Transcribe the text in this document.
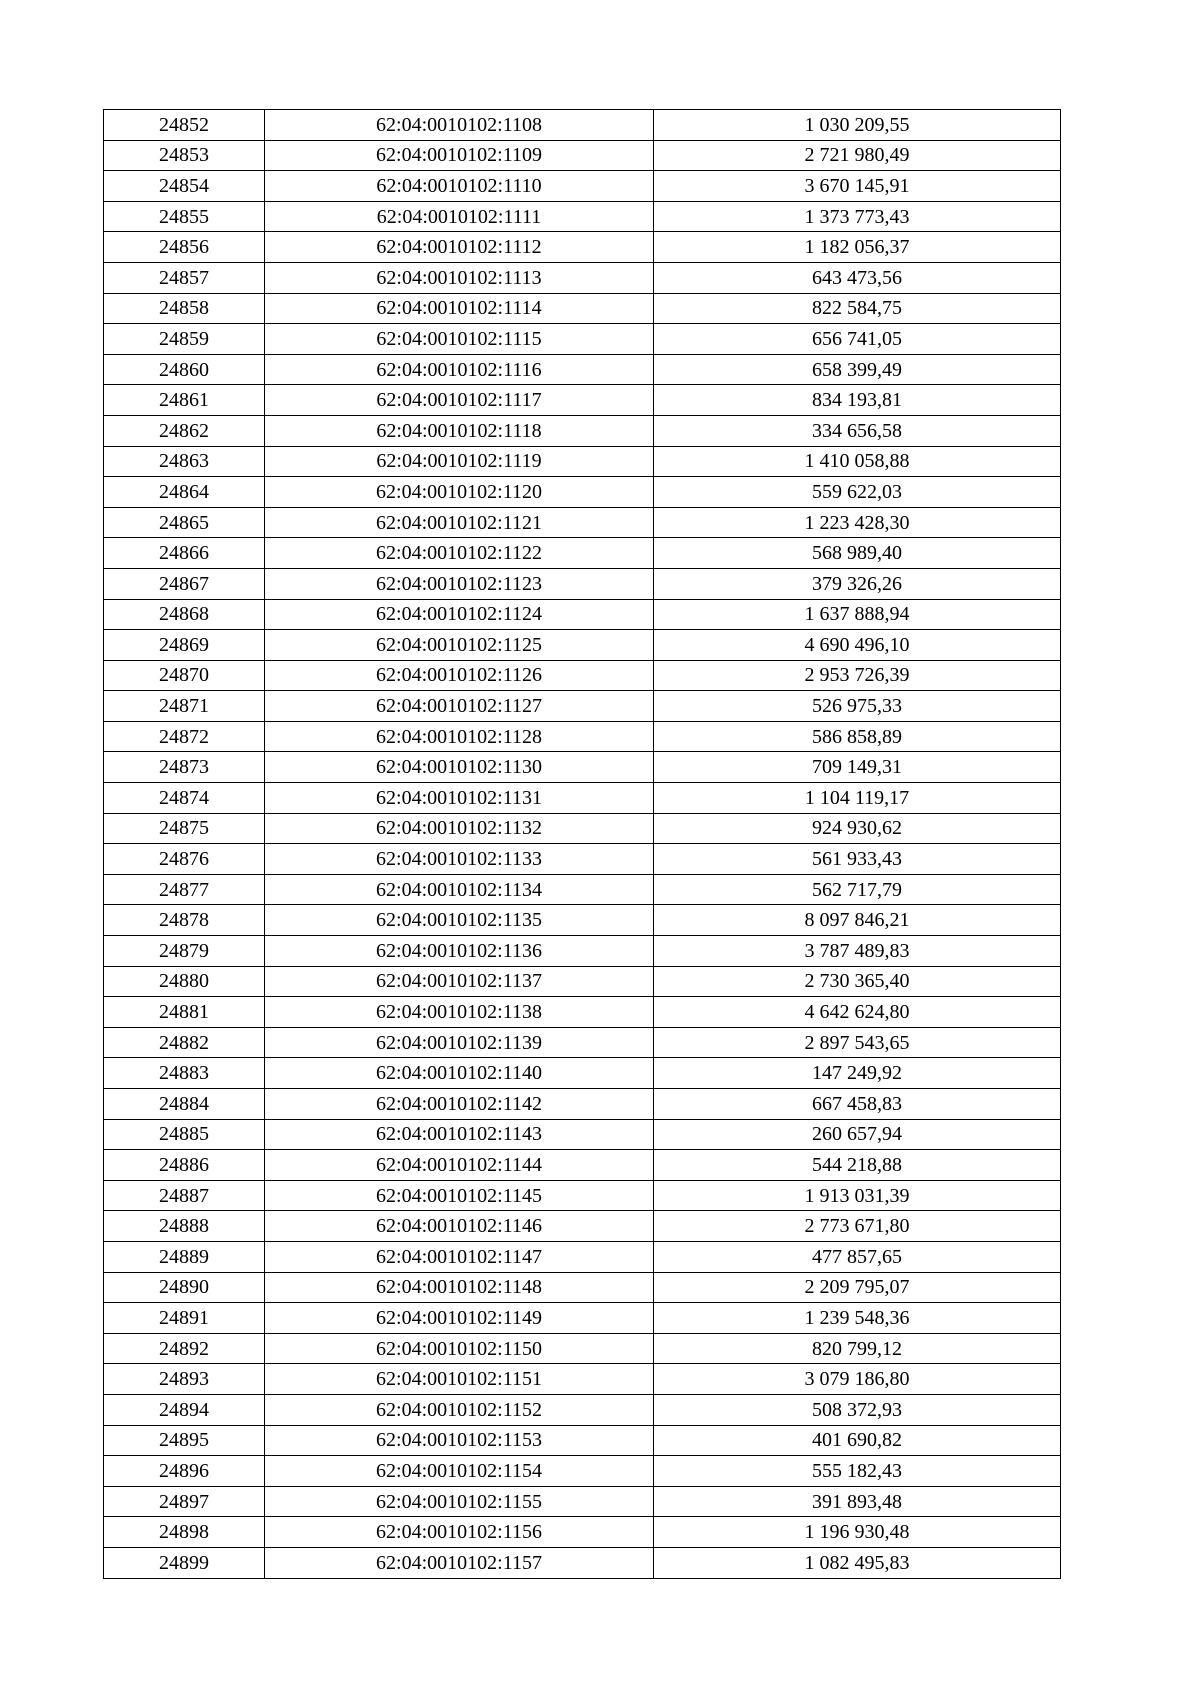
24852	62:04:0010102:1108	1 030 209,55
24853	62:04:0010102:1109	2 721 980,49
24854	62:04:0010102:1110	3 670 145,91
24855	62:04:0010102:1111	1 373 773,43
24856	62:04:0010102:1112	1 182 056,37
24857	62:04:0010102:1113	643 473,56
24858	62:04:0010102:1114	822 584,75
24859	62:04:0010102:1115	656 741,05
24860	62:04:0010102:1116	658 399,49
24861	62:04:0010102:1117	834 193,81
24862	62:04:0010102:1118	334 656,58
24863	62:04:0010102:1119	1 410 058,88
24864	62:04:0010102:1120	559 622,03
24865	62:04:0010102:1121	1 223 428,30
24866	62:04:0010102:1122	568 989,40
24867	62:04:0010102:1123	379 326,26
24868	62:04:0010102:1124	1 637 888,94
24869	62:04:0010102:1125	4 690 496,10
24870	62:04:0010102:1126	2 953 726,39
24871	62:04:0010102:1127	526 975,33
24872	62:04:0010102:1128	586 858,89
24873	62:04:0010102:1130	709 149,31
24874	62:04:0010102:1131	1 104 119,17
24875	62:04:0010102:1132	924 930,62
24876	62:04:0010102:1133	561 933,43
24877	62:04:0010102:1134	562 717,79
24878	62:04:0010102:1135	8 097 846,21
24879	62:04:0010102:1136	3 787 489,83
24880	62:04:0010102:1137	2 730 365,40
24881	62:04:0010102:1138	4 642 624,80
24882	62:04:0010102:1139	2 897 543,65
24883	62:04:0010102:1140	147 249,92
24884	62:04:0010102:1142	667 458,83
24885	62:04:0010102:1143	260 657,94
24886	62:04:0010102:1144	544 218,88
24887	62:04:0010102:1145	1 913 031,39
24888	62:04:0010102:1146	2 773 671,80
24889	62:04:0010102:1147	477 857,65
24890	62:04:0010102:1148	2 209 795,07
24891	62:04:0010102:1149	1 239 548,36
24892	62:04:0010102:1150	820 799,12
24893	62:04:0010102:1151	3 079 186,80
24894	62:04:0010102:1152	508 372,93
24895	62:04:0010102:1153	401 690,82
24896	62:04:0010102:1154	555 182,43
24897	62:04:0010102:1155	391 893,48
24898	62:04:0010102:1156	1 196 930,48
24899	62:04:0010102:1157	1 082 495,83
